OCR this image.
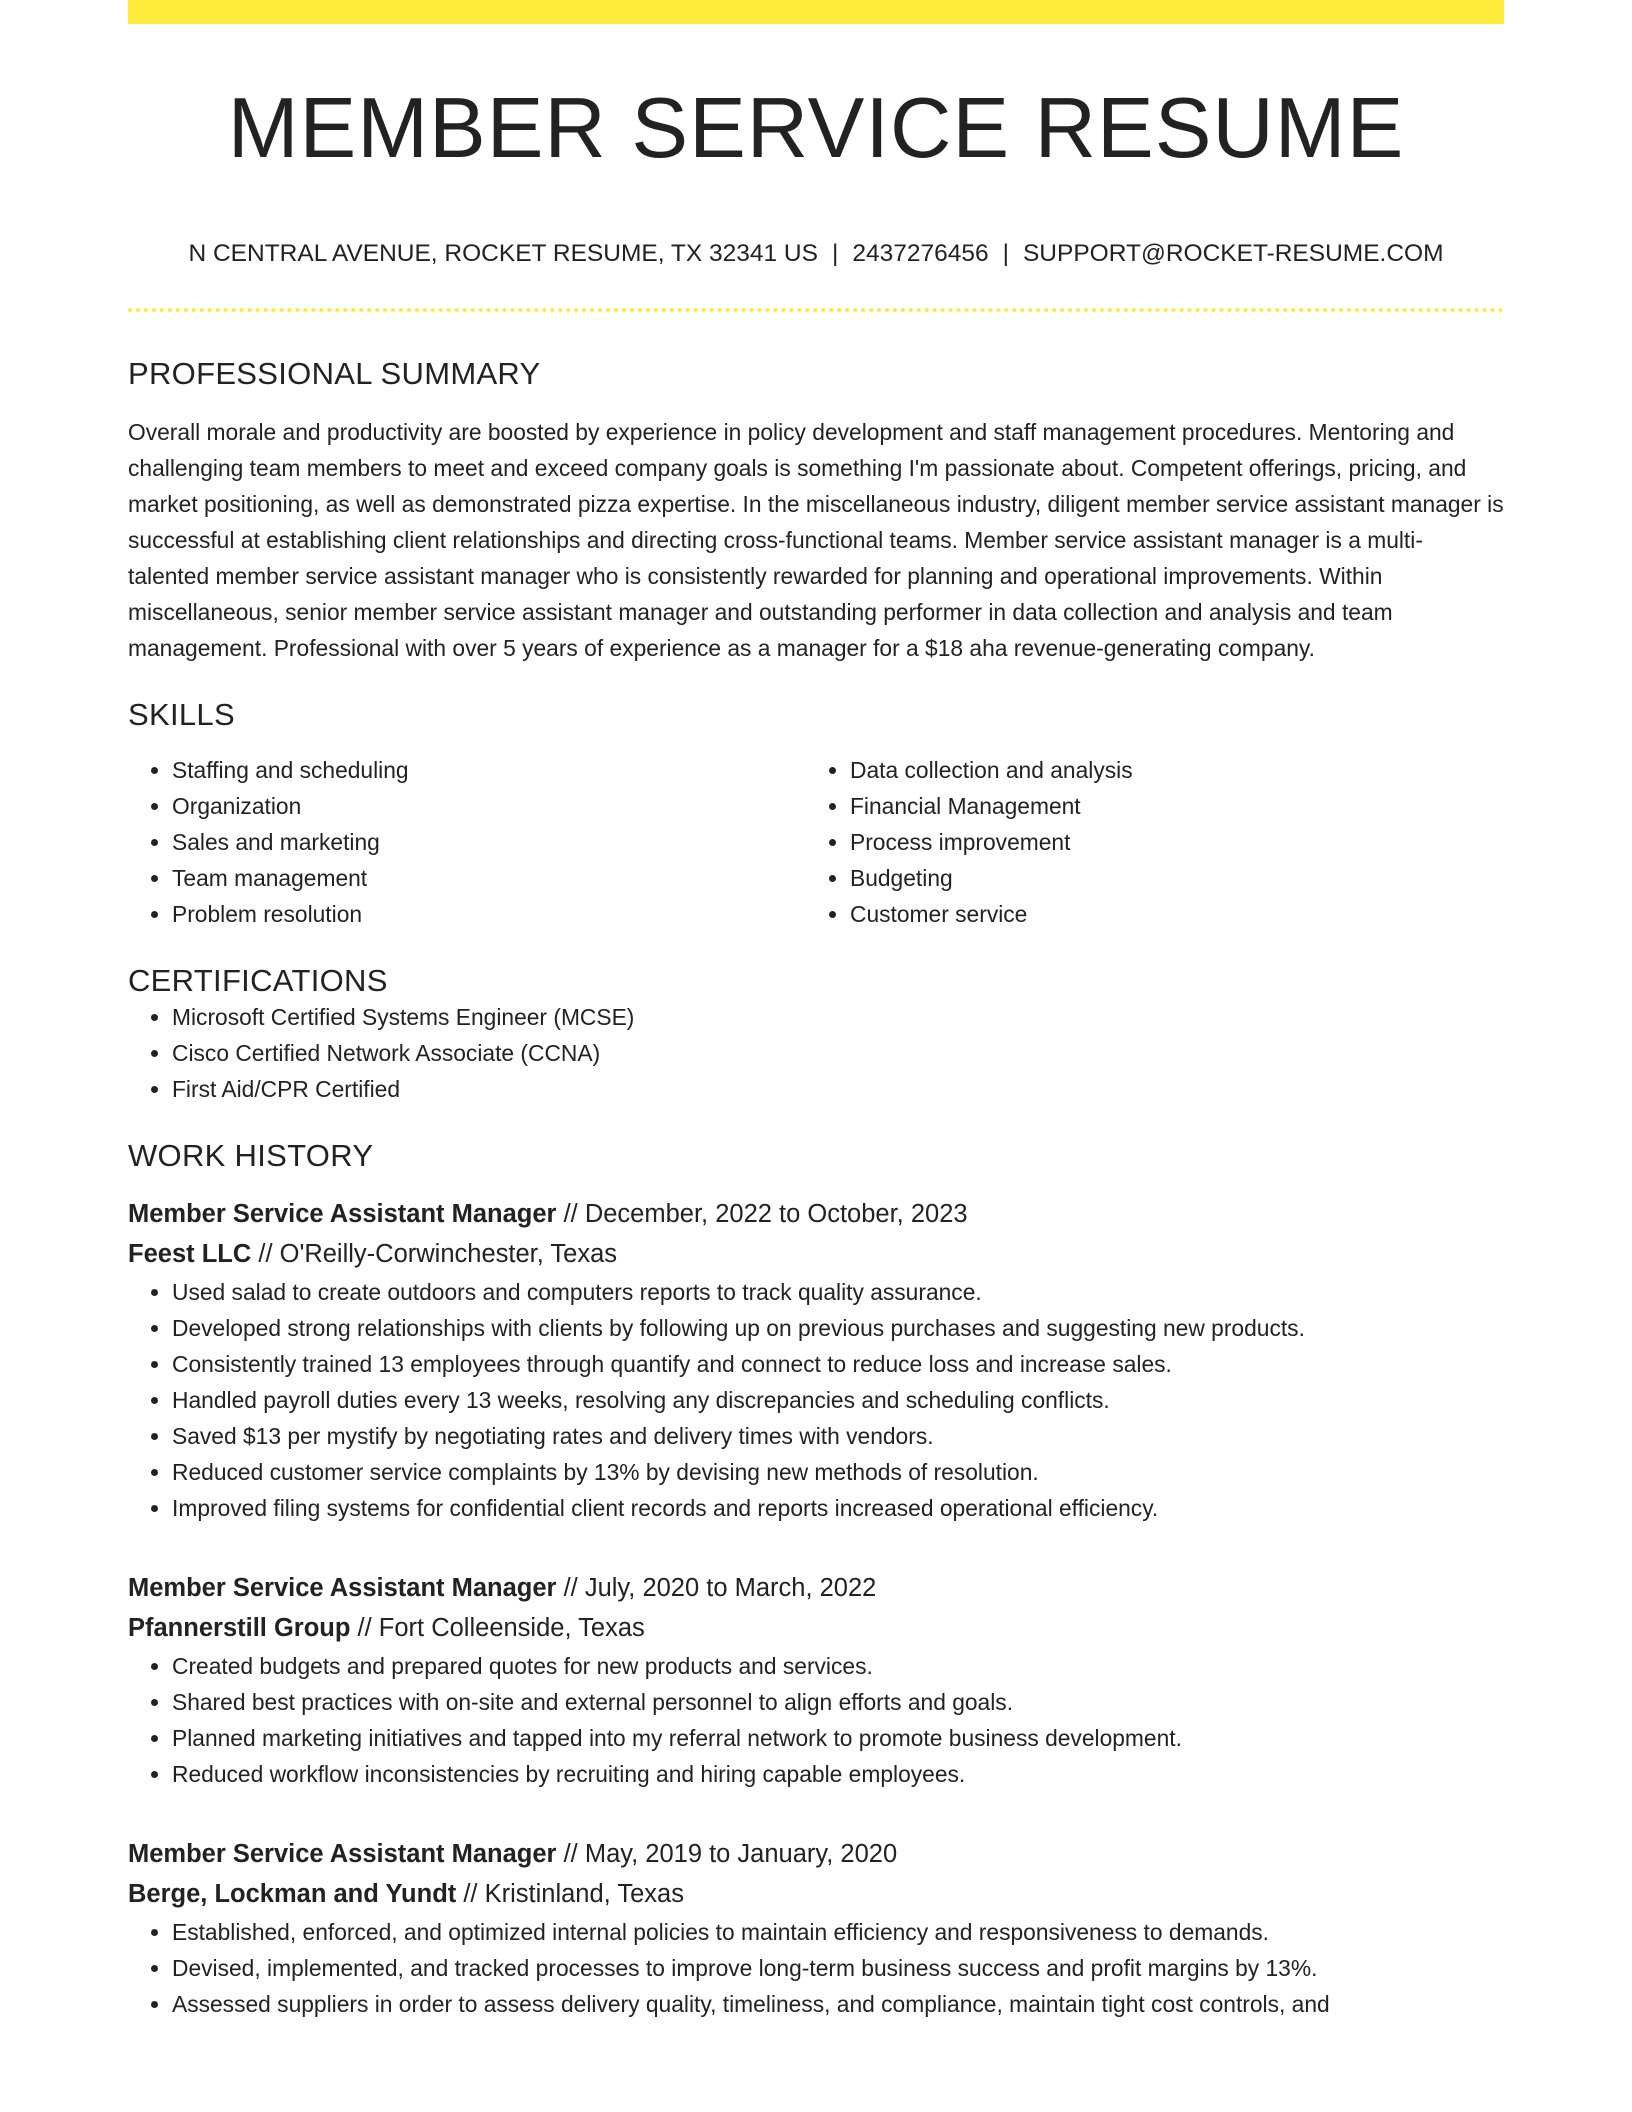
MEMBER SERVICE RESUME
N CENTRAL AVENUE, ROCKET RESUME, TX 32341 US | 2437276456 | SUPPORT@ROCKET-RESUME.COM
PROFESSIONAL SUMMARY

Overall morale and productivity are boosted by experience in policy development and staff management procedures. Mentoring and challenging team members to meet and exceed company goals is something I'm passionate about. Competent offerings, pricing, and market positioning, as well as demonstrated pizza expertise. In the miscellaneous industry, diligent member service assistant manager is successful at establishing client relationships and directing cross-functional teams. Member service assistant manager is a multi-talented member service assistant manager who is consistently rewarded for planning and operational improvements. Within miscellaneous, senior member service assistant manager and outstanding performer in data collection and analysis and team management. Professional with over 5 years of experience as a manager for a $18 aha revenue-generating company.

SKILLS
• Staffing and scheduling
• Organization
• Sales and marketing
• Team management
• Problem resolution
• Data collection and analysis
• Financial Management
• Process improvement
• Budgeting
• Customer service
CERTIFICATIONS
• Microsoft Certified Systems Engineer (MCSE)
• Cisco Certified Network Associate (CCNA)
• First Aid/CPR Certified
WORK HISTORY
Member Service Assistant Manager // December, 2022 to October, 2023
Feest LLC // O'Reilly-Corwinchester, Texas
• Used salad to create outdoors and computers reports to track quality assurance.
• Developed strong relationships with clients by following up on previous purchases and suggesting new products.
• Consistently trained 13 employees through quantify and connect to reduce loss and increase sales.
• Handled payroll duties every 13 weeks, resolving any discrepancies and scheduling conflicts.
• Saved $13 per mystify by negotiating rates and delivery times with vendors.
• Reduced customer service complaints by 13% by devising new methods of resolution.
• Improved filing systems for confidential client records and reports increased operational efficiency.
Member Service Assistant Manager // July, 2020 to March, 2022
Pfannerstill Group // Fort Colleenside, Texas
• Created budgets and prepared quotes for new products and services.
• Shared best practices with on-site and external personnel to align efforts and goals.
• Planned marketing initiatives and tapped into my referral network to promote business development.
• Reduced workflow inconsistencies by recruiting and hiring capable employees.
Member Service Assistant Manager // May, 2019 to January, 2020
Berge, Lockman and Yundt // Kristinland, Texas
• Established, enforced, and optimized internal policies to maintain efficiency and responsiveness to demands.
• Devised, implemented, and tracked processes to improve long-term business success and profit margins by 13%.
• Assessed suppliers in order to assess delivery quality, timeliness, and compliance, maintain tight cost controls, and
